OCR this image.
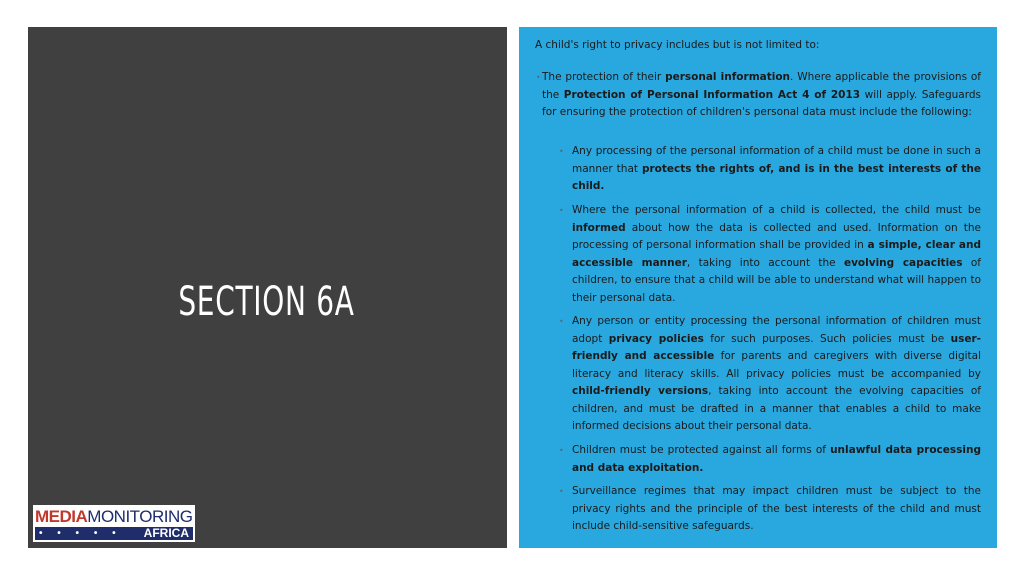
SECTION 6A
MEDIAMONITORING
• • • • • AFRICA
A child's right to privacy includes but is not limited to:
• The protection of their personal information. Where applicable the provisions of the Protection of Personal Information Act 4 of 2013 will apply. Safeguards for ensuring the protection of children's personal data must include the following:
• Any processing of the personal information of a child must be done in such a manner that protects the rights of, and is in the best interests of the child.
• Where the personal information of a child is collected, the child must be informed about how the data is collected and used. Information on the processing of personal information shall be provided in a simple, clear and accessible manner, taking into account the evolving capacities of children, to ensure that a child will be able to understand what will happen to their personal data.
• Any person or entity processing the personal information of children must adopt privacy policies for such purposes. Such policies must be user-friendly and accessible for parents and caregivers with diverse digital literacy and literacy skills. All privacy policies must be accompanied by child-friendly versions, taking into account the evolving capacities of children, and must be drafted in a manner that enables a child to make informed decisions about their personal data.
• Children must be protected against all forms of unlawful data processing and data exploitation.
• Surveillance regimes that may impact children must be subject to the privacy rights and the principle of the best interests of the child and must include child-sensitive safeguards.
